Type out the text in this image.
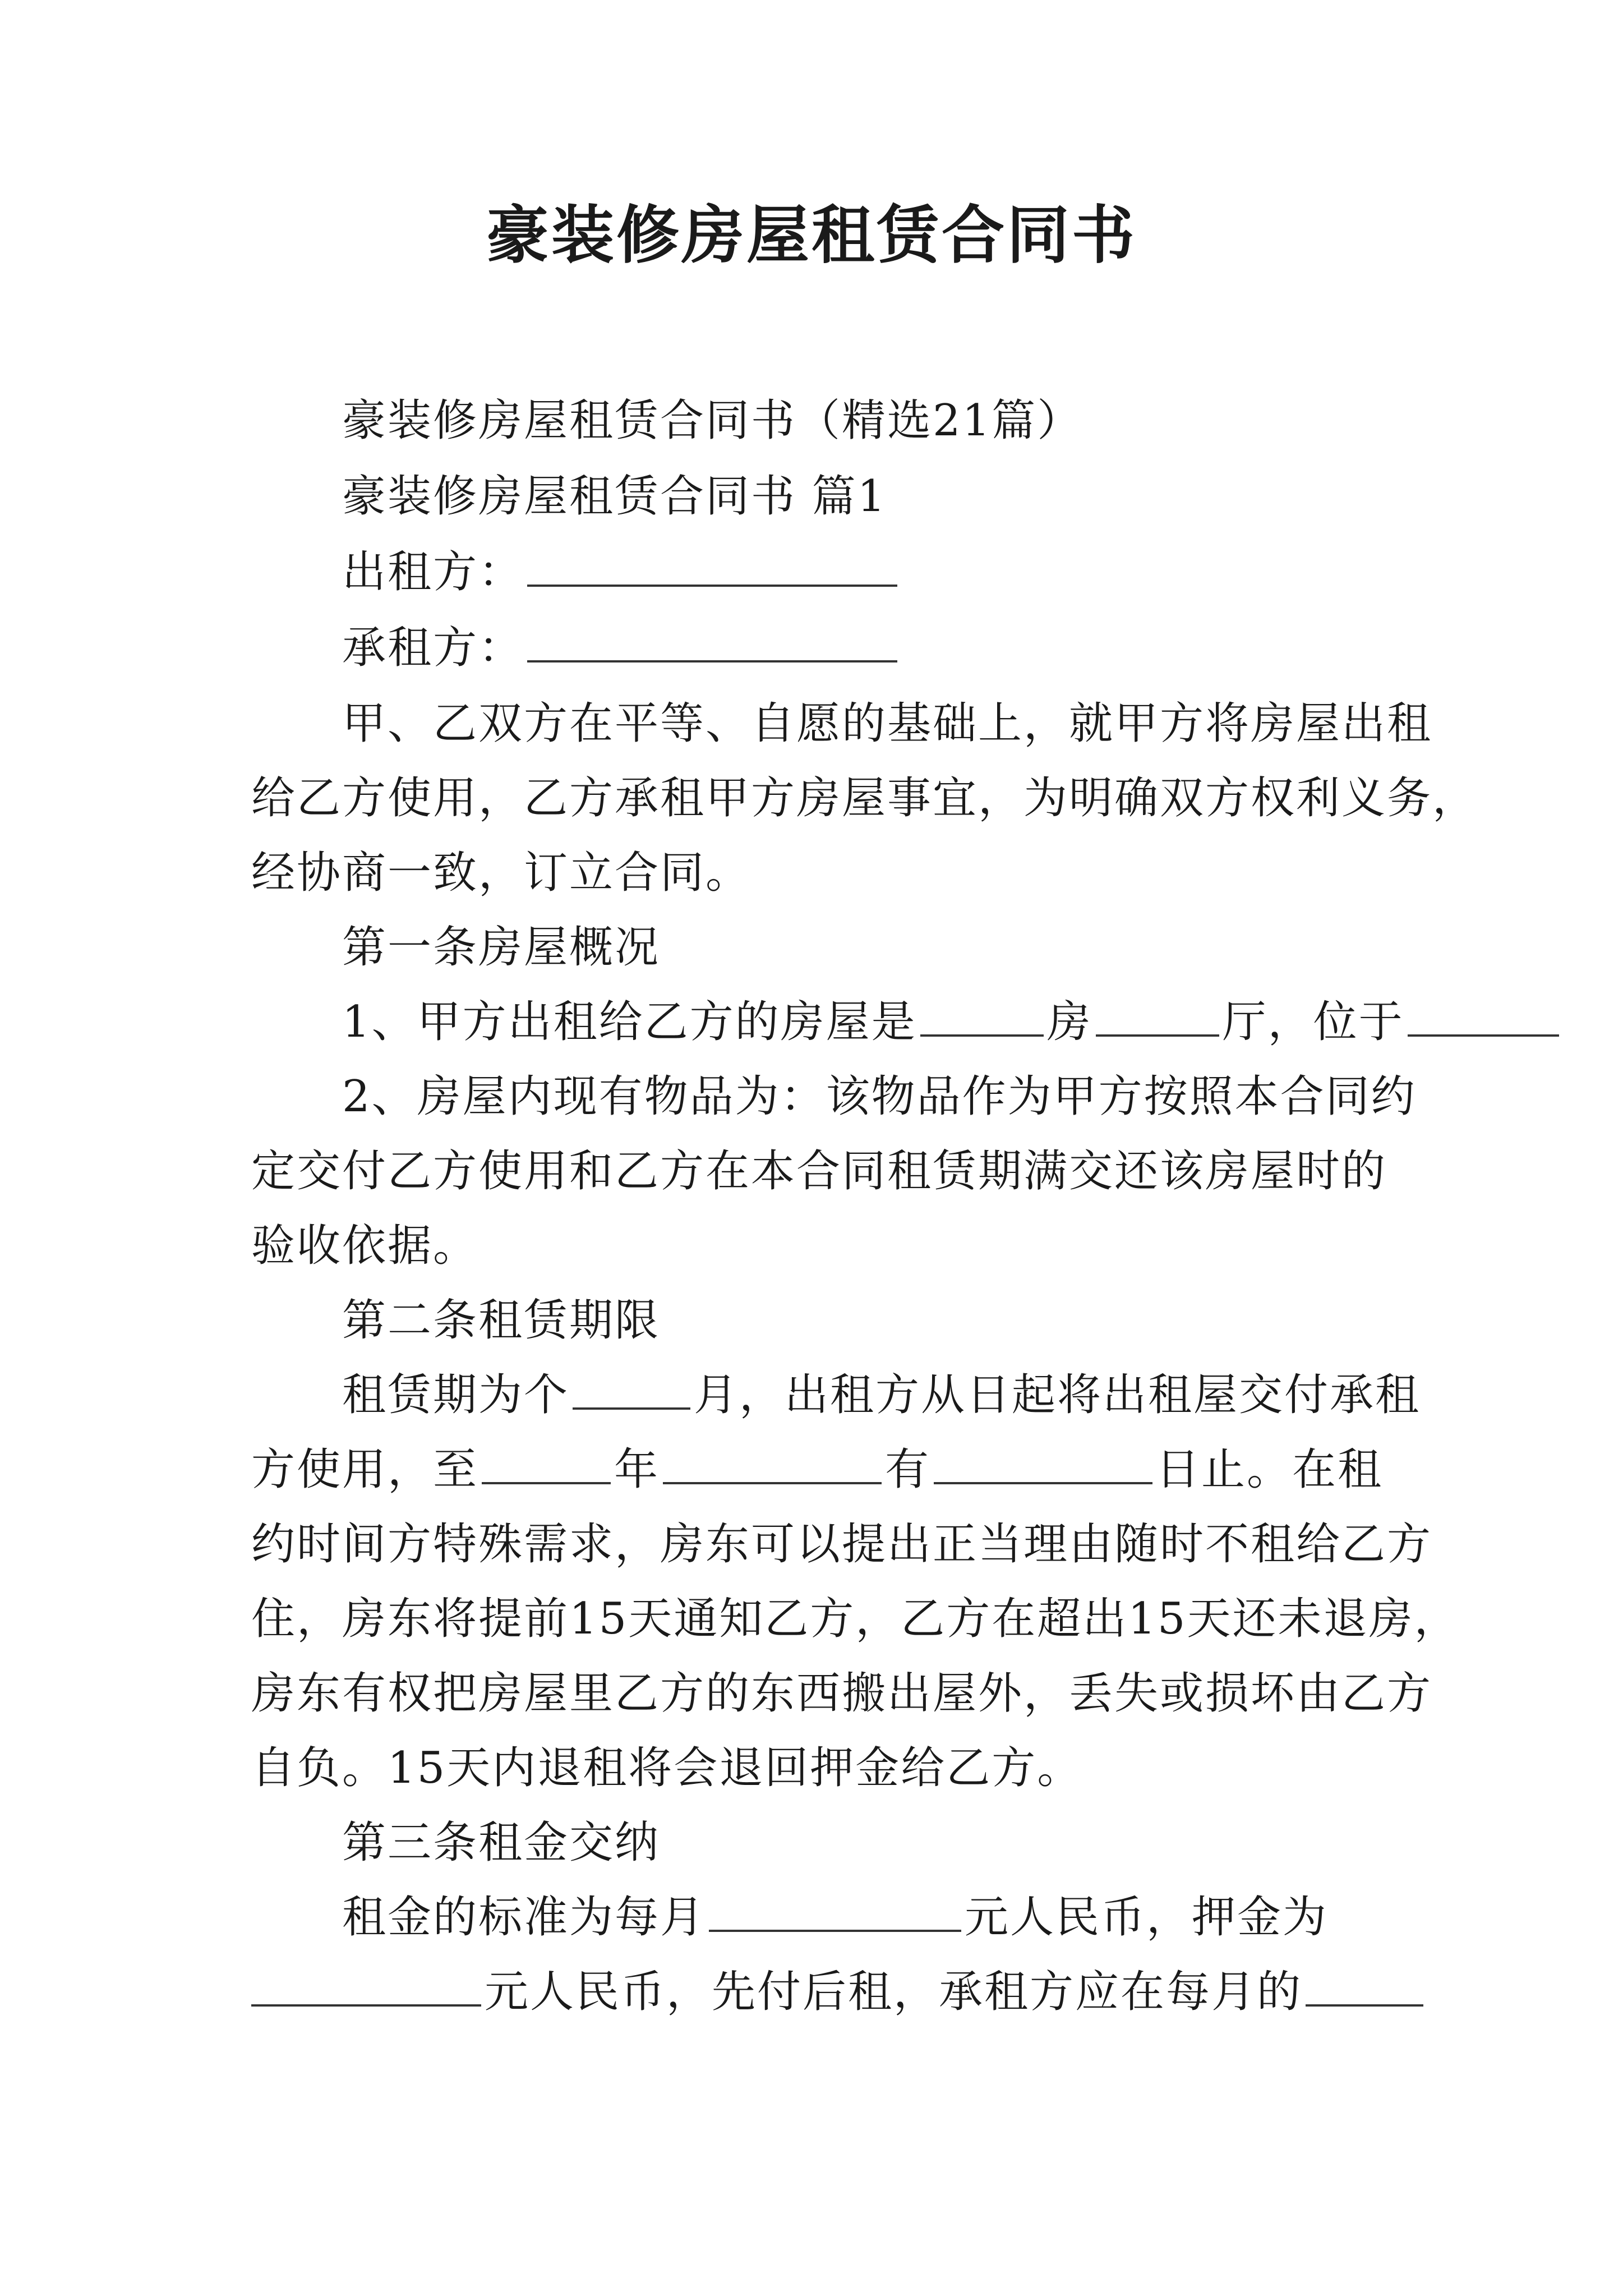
豪装修房屋租赁合同书
豪装修房屋租赁合同书（精选21篇）
豪装修房屋租赁合同书 篇1
出租方：
承租方：
甲、乙双方在平等、自愿的基础上，就甲方将房屋出租
给乙方使用，乙方承租甲方房屋事宜，为明确双方权利义务，
经协商一致，订立合同。
第一条房屋概况
1、甲方出租给乙方的房屋是	房	厅，位于
2、房屋内现有物品为：该物品作为甲方按照本合同约
定交付乙方使用和乙方在本合同租赁期满交还该房屋时的
验收依据。
第二条租赁期限
租赁期为个	月，出租方从日起将出租屋交付承租
方使用，至	年	有	日止。在租
约时间方特殊需求，房东可以提出正当理由随时不租给乙方
住，房东将提前15天通知乙方，乙方在超出15天还未退房，
房东有权把房屋里乙方的东西搬出屋外，丢失或损坏由乙方
自负。15天内退租将会退回押金给乙方。
第三条租金交纳
租金的标准为每月	元人民币，押金为
元人民币，先付后租，承租方应在每月的
